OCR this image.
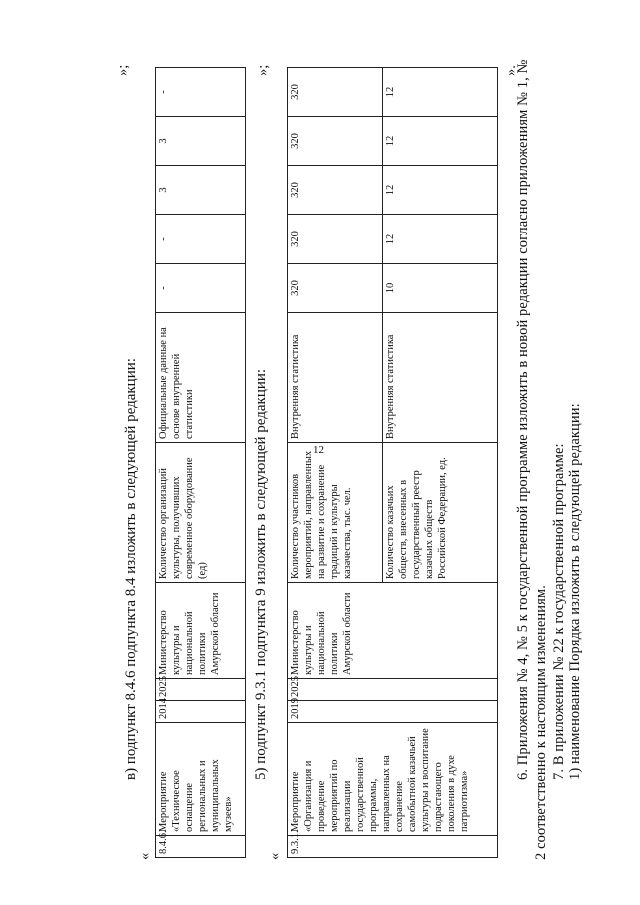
12
в) подпункт 8.4.6 подпункта 8.4 изложить в следующей редакции:
«
»;
8.4.6.	Мероприятие «Техническое оснащение региональных и муниципальных музеев»	2014	2025	Министерство культуры и национальной политики Амурской области	Количество организаций культуры, получивших современное оборудование (ед)	Официальные данные на основе внутренней статистики	-	-	3	3	-
5) подпункт 9.3.1 подпункта 9 изложить в следующей редакции:
«
»;
9.3.1.	Мероприятие «Организация и проведение мероприятий по реализации государственной программы, направленных на сохранение самобытной казачьей культуры и воспитание подрастающего поколения в духе патриотизма»	2019	2025	Министерство культуры и национальной политики Амурской области	Количество участников мероприятий, направленных на развитие и сохранение традиций и культуры казачества, тыс. чел.	Внутренняя статистика	320	320	320	320	320
					Количество казачьих обществ, внесенных в государственный реестр казачьих обществ Российской Федерации, ед.	Внутренняя статистика	10	12	12	12	12
».
6. Приложения № 4, № 5 к государственной программе изложить в новой редакции согласно приложениям № 1, № 2 соответственно к настоящим изменениям. 7. В приложении № 22 к государственной программе: 1) наименование Порядка изложить в следующей редакции:
